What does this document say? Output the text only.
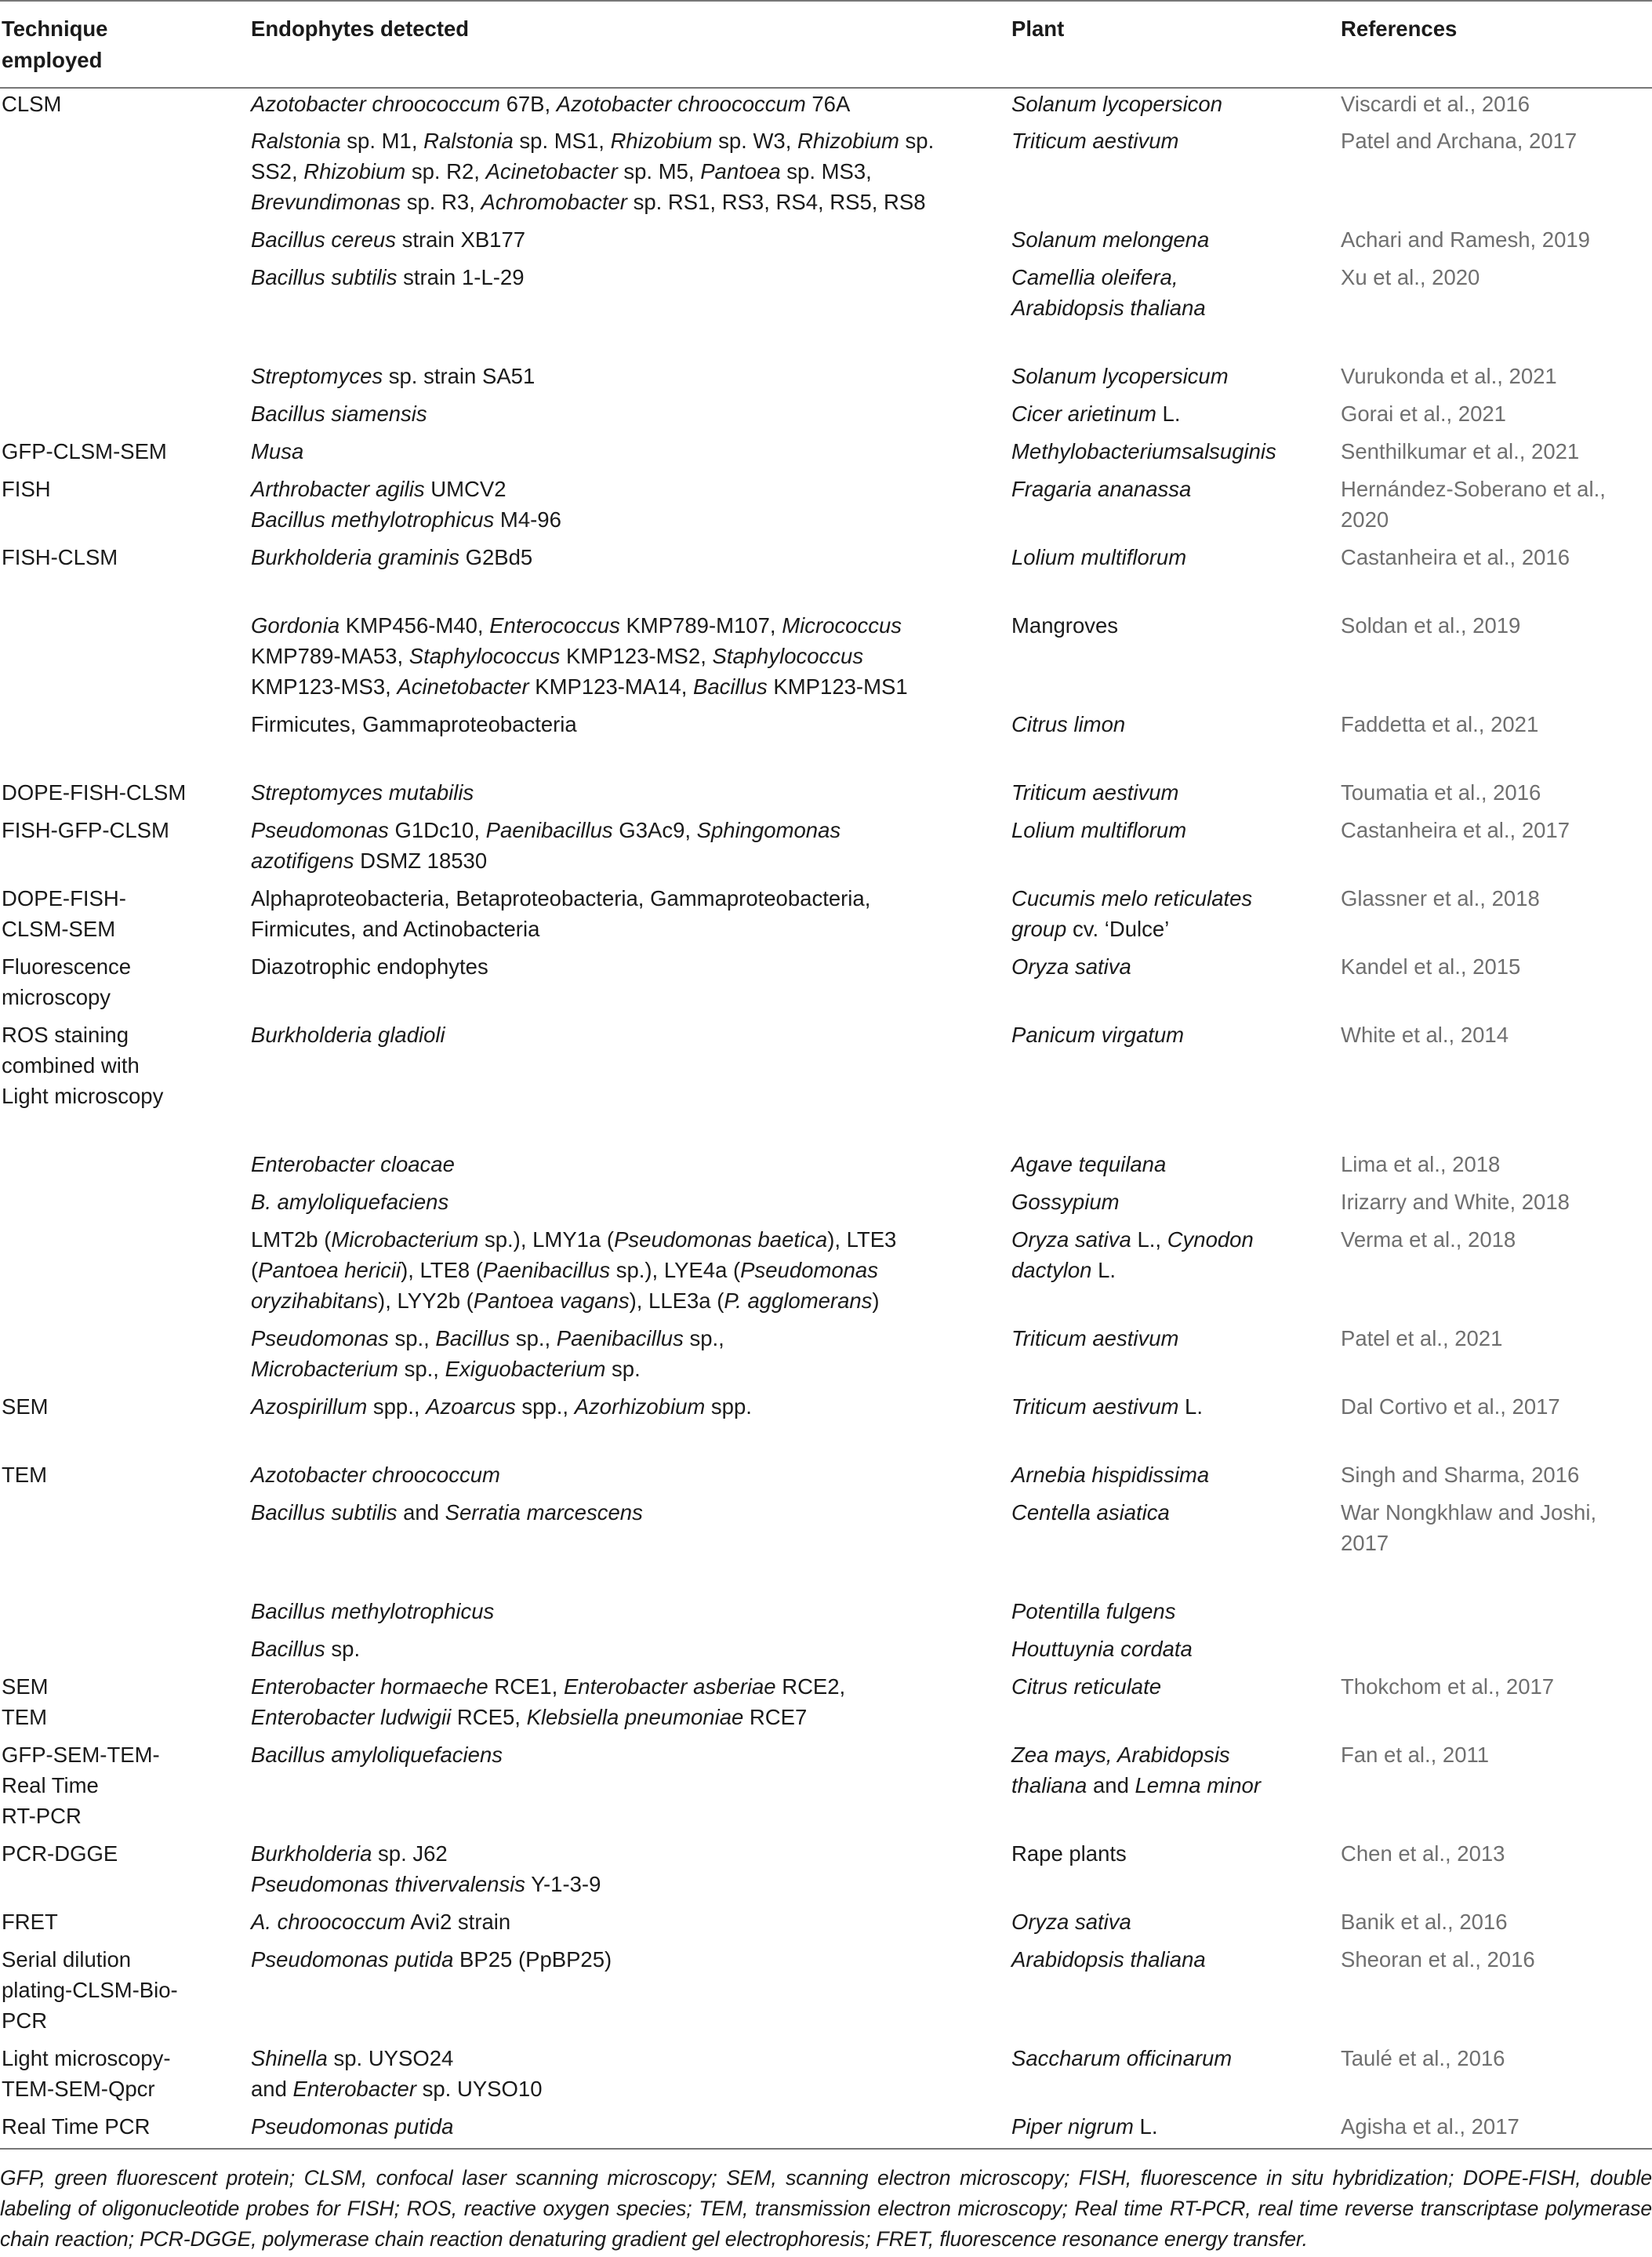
Technique
employed	Endophytes detected	Plant	References
CLSM	Azotobacter chroococcum 67B, Azotobacter chroococcum 76A	Solanum lycopersicon	Viscardi et al., 2016
	Ralstonia sp. M1, Ralstonia sp. MS1, Rhizobium sp. W3, Rhizobium sp.
SS2, Rhizobium sp. R2, Acinetobacter sp. M5, Pantoea sp. MS3,
Brevundimonas sp. R3, Achromobacter sp. RS1, RS3, RS4, RS5, RS8	Triticum aestivum	Patel and Archana, 2017
	Bacillus cereus strain XB177	Solanum melongena	Achari and Ramesh, 2019
	Bacillus subtilis strain 1-L-29	Camellia oleifera,
Arabidopsis thaliana	Xu et al., 2020
	Streptomyces sp. strain SA51	Solanum lycopersicum	Vurukonda et al., 2021
	Bacillus siamensis	Cicer arietinum L.	Gorai et al., 2021
GFP-CLSM-SEM	Musa	Methylobacteriumsalsuginis	Senthilkumar et al., 2021
FISH	Arthrobacter agilis UMCV2
Bacillus methylotrophicus M4-96	Fragaria ananassa	Hernández-Soberano et al.,
2020
FISH-CLSM	Burkholderia graminis G2Bd5	Lolium multiflorum	Castanheira et al., 2016
	Gordonia KMP456-M40, Enterococcus KMP789-M107, Micrococcus
KMP789-MA53, Staphylococcus KMP123-MS2, Staphylococcus
KMP123-MS3, Acinetobacter KMP123-MA14, Bacillus KMP123-MS1	Mangroves	Soldan et al., 2019
	Firmicutes, Gammaproteobacteria	Citrus limon	Faddetta et al., 2021
DOPE-FISH-CLSM	Streptomyces mutabilis	Triticum aestivum	Toumatia et al., 2016
FISH-GFP-CLSM	Pseudomonas G1Dc10, Paenibacillus G3Ac9, Sphingomonas
azotifigens DSMZ 18530	Lolium multiflorum	Castanheira et al., 2017
DOPE-FISH-
CLSM-SEM	Alphaproteobacteria, Betaproteobacteria, Gammaproteobacteria,
Firmicutes, and Actinobacteria	Cucumis melo reticulates
group cv. ‘Dulce’	Glassner et al., 2018
Fluorescence
microscopy	Diazotrophic endophytes	Oryza sativa	Kandel et al., 2015
ROS staining
combined with
Light microscopy	Burkholderia gladioli	Panicum virgatum	White et al., 2014
	Enterobacter cloacae	Agave tequilana	Lima et al., 2018
	B. amyloliquefaciens	Gossypium	Irizarry and White, 2018
	LMT2b (Microbacterium sp.), LMY1a (Pseudomonas baetica), LTE3
(Pantoea hericii), LTE8 (Paenibacillus sp.), LYE4a (Pseudomonas
oryzihabitans), LYY2b (Pantoea vagans), LLE3a (P. agglomerans)	Oryza sativa L., Cynodon
dactylon L.	Verma et al., 2018
	Pseudomonas sp., Bacillus sp., Paenibacillus sp.,
Microbacterium sp., Exiguobacterium sp.	Triticum aestivum	Patel et al., 2021
SEM	Azospirillum spp., Azoarcus spp., Azorhizobium spp.	Triticum aestivum L.	Dal Cortivo et al., 2017
TEM	Azotobacter chroococcum	Arnebia hispidissima	Singh and Sharma, 2016
	Bacillus subtilis and Serratia marcescens	Centella asiatica	War Nongkhlaw and Joshi,
2017
	Bacillus methylotrophicus	Potentilla fulgens	
	Bacillus sp.	Houttuynia cordata	
SEM
TEM	Enterobacter hormaeche RCE1, Enterobacter asberiae RCE2,
Enterobacter ludwigii RCE5, Klebsiella pneumoniae RCE7	Citrus reticulate	Thokchom et al., 2017
GFP-SEM-TEM-
Real Time
RT-PCR	Bacillus amyloliquefaciens	Zea mays, Arabidopsis
thaliana and Lemna minor	Fan et al., 2011
PCR-DGGE	Burkholderia sp. J62
Pseudomonas thivervalensis Y-1-3-9	Rape plants	Chen et al., 2013
FRET	A. chroococcum Avi2 strain	Oryza sativa	Banik et al., 2016
Serial dilution
plating-CLSM-Bio-
PCR	Pseudomonas putida BP25 (PpBP25)	Arabidopsis thaliana	Sheoran et al., 2016
Light microscopy-
TEM-SEM-Qpcr	Shinella sp. UYSO24
and Enterobacter sp. UYSO10	Saccharum officinarum	Taulé et al., 2016
Real Time PCR	Pseudomonas putida	Piper nigrum L.	Agisha et al., 2017
GFP, green fluorescent protein; CLSM, confocal laser scanning microscopy; SEM, scanning electron microscopy; FISH, fluorescence in situ hybridization; DOPE-FISH, double labeling of oligonucleotide probes for FISH; ROS, reactive oxygen species; TEM, transmission electron microscopy; Real time RT-PCR, real time reverse transcriptase polymerase chain reaction; PCR-DGGE, polymerase chain reaction denaturing gradient gel electrophoresis; FRET, fluorescence resonance energy transfer.
